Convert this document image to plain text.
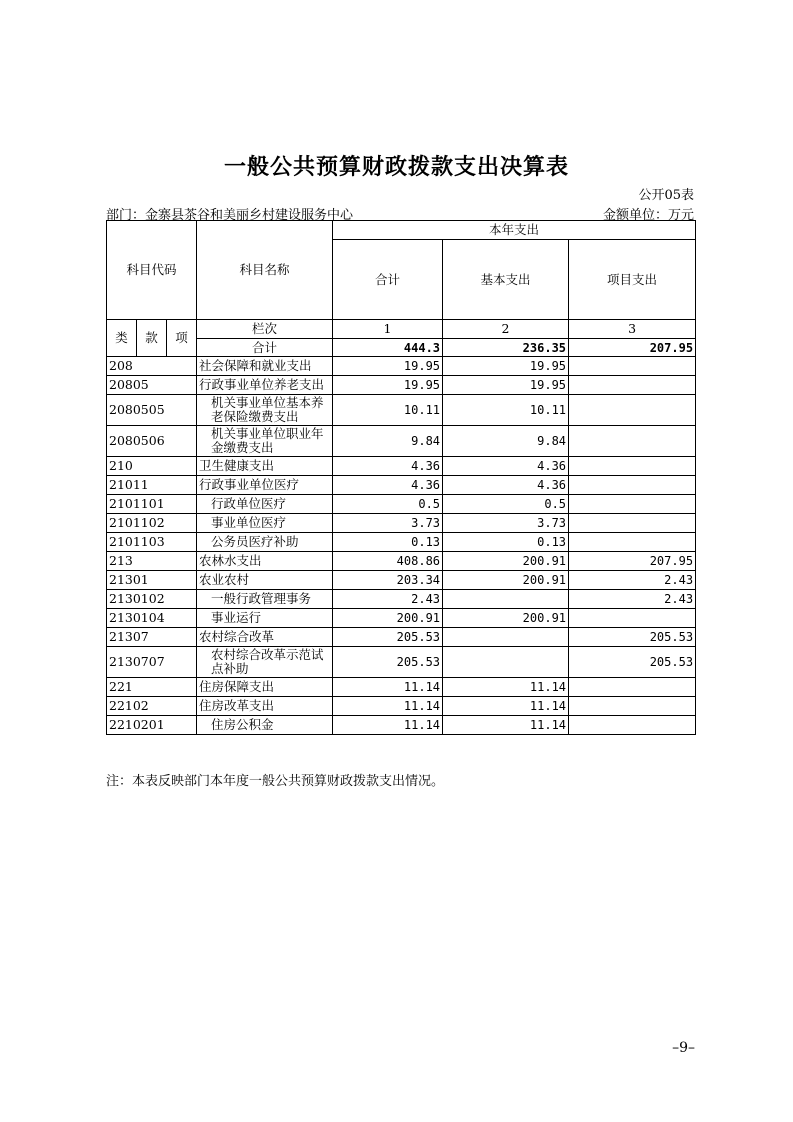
一般公共预算财政拨款支出决算表
公开05表
部门：金寨县茶谷和美丽乡村建设服务中心	金额单位：万元
科目代码			科目名称	本年支出		
				合计	基本支出	项目支出
类	款	项	栏次	1	2	3
			合计	444.3	236.35	207.95
208			社会保障和就业支出	19.95	19.95	
20805			行政事业单位养老支出	19.95	19.95	
2080505			机关事业单位基本养老保险缴费支出	10.11	10.11	
2080506			机关事业单位职业年金缴费支出	9.84	9.84	
210			卫生健康支出	4.36	4.36	
21011			行政事业单位医疗	4.36	4.36	
2101101			行政单位医疗	0.5	0.5	
2101102			事业单位医疗	3.73	3.73	
2101103			公务员医疗补助	0.13	0.13	
213			农林水支出	408.86	200.91	207.95
21301			农业农村	203.34	200.91	2.43
2130102			一般行政管理事务	2.43		2.43
2130104			事业运行	200.91	200.91	
21307			农村综合改革	205.53		205.53
2130707			农村综合改革示范试点补助	205.53		205.53
221			住房保障支出	11.14	11.14	
22102			住房改革支出	11.14	11.14	
2210201			住房公积金	11.14	11.14	
注：本表反映部门本年度一般公共预算财政拨款支出情况。
–9–
